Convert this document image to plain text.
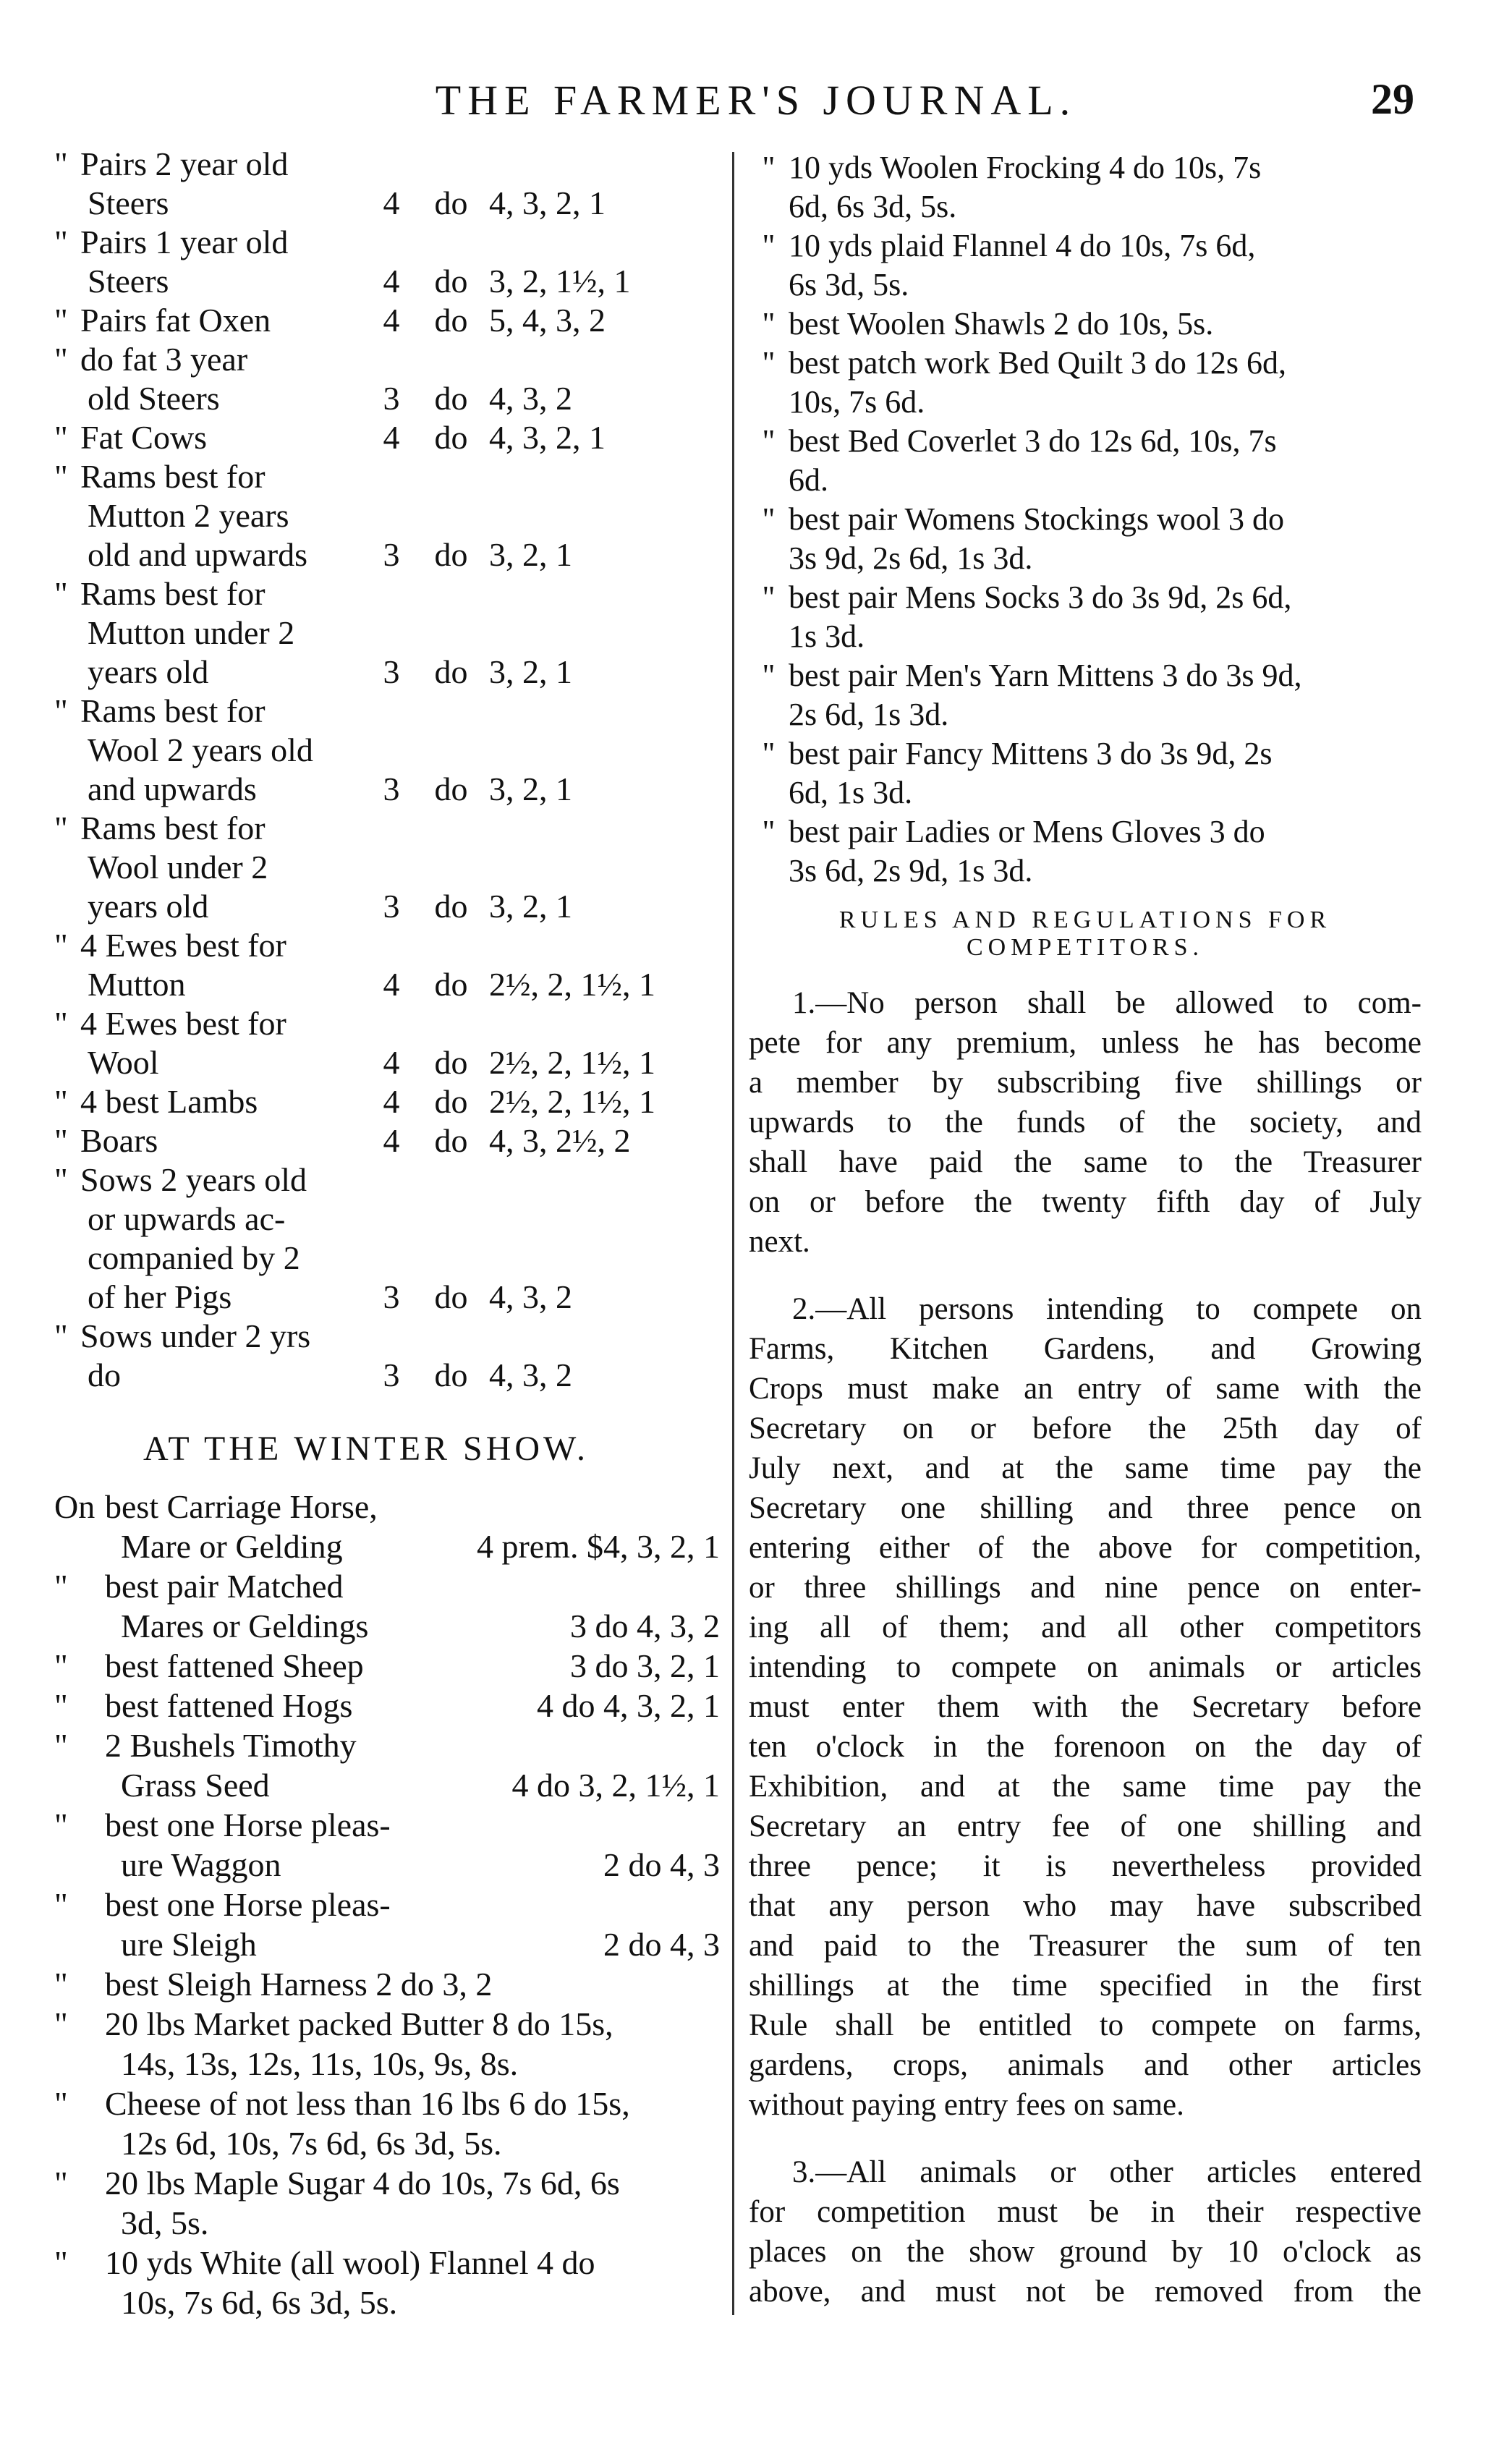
THE FARMER'S JOURNAL.	29
" Pairs 2 year old
Steers	4	do 4, 3, 2, 1
" Pairs 1 year old
Steers	4	do 3, 2, 1½, 1
" Pairs fat Oxen	4	do 5, 4, 3, 2
" do fat 3 year
old Steers	3	do 4, 3, 2
" Fat Cows	4	do 4, 3, 2, 1
" Rams best for
Mutton 2 years
old and upwards	3	do 3, 2, 1
" Rams best for
Mutton under 2
years old	3	do 3, 2, 1
" Rams best for
Wool 2 years old
and upwards	3	do 3, 2, 1
" Rams best for
Wool under 2
years old	3	do 3, 2, 1
" 4 Ewes best for
Mutton	4	do 2½, 2, 1½, 1
" 4 Ewes best for
Wool	4	do 2½, 2, 1½, 1
" 4 best Lambs	4	do 2½, 2, 1½, 1
" Boars	4	do 4, 3, 2½, 2
" Sows 2 years old
or upwards ac-
companied by 2
of her Pigs	3	do 4, 3, 2
" Sows under 2 yrs
do	3	do 4, 3, 2
AT THE WINTER SHOW.
On best Carriage Horse,
Mare or Gelding	4 prem. $4, 3, 2, 1
" best pair Matched
Mares or Geldings	3 do 4, 3, 2
" best fattened Sheep	3 do 3, 2, 1
" best fattened Hogs	4 do 4, 3, 2, 1
" 2 Bushels Timothy
Grass Seed	4 do 3, 2, 1½, 1
" best one Horse pleas-
ure Waggon	2 do 4, 3
" best one Horse pleas-
ure Sleigh	2 do 4, 3
" best Sleigh Harness 2 do 3, 2
" 20 lbs Market packed Butter 8 do 15s,
14s, 13s, 12s, 11s, 10s, 9s, 8s.
" Cheese of not less than 16 lbs 6 do 15s,
12s 6d, 10s, 7s 6d, 6s 3d, 5s.
" 20 lbs Maple Sugar 4 do 10s, 7s 6d, 6s
3d, 5s.
" 10 yds White (all wool) Flannel 4 do
10s, 7s 6d, 6s 3d, 5s.
" 10 yds Woolen Frocking 4 do 10s, 7s
6d, 6s 3d, 5s.
" 10 yds plaid Flannel 4 do 10s, 7s 6d,
6s 3d, 5s.
" best Woolen Shawls 2 do 10s, 5s.
" best patch work Bed Quilt 3 do 12s 6d,
10s, 7s 6d.
" best Bed Coverlet 3 do 12s 6d, 10s, 7s
6d.
" best pair Womens Stockings wool 3 do
3s 9d, 2s 6d, 1s 3d.
" best pair Mens Socks 3 do 3s 9d, 2s 6d,
1s 3d.
" best pair Men's Yarn Mittens 3 do 3s 9d,
2s 6d, 1s 3d.
" best pair Fancy Mittens 3 do 3s 9d, 2s
6d, 1s 3d.
" best pair Ladies or Mens Gloves 3 do
3s 6d, 2s 9d, 1s 3d.
RULES AND REGULATIONS FOR COMPETITORS.
1.—No person shall be allowed to com-
pete for any premium, unless he has become
a member by subscribing five shillings or
upwards to the funds of the society, and
shall have paid the same to the Treasurer
on or before the twenty fifth day of July
next.
2.—All persons intending to compete on
Farms, Kitchen Gardens, and Growing
Crops must make an entry of same with the
Secretary on or before the 25th day of
July next, and at the same time pay the
Secretary one shilling and three pence on
entering either of the above for competition,
or three shillings and nine pence on enter-
ing all of them; and all other competitors
intending to compete on animals or articles
must enter them with the Secretary before
ten o'clock in the forenoon on the day of
Exhibition, and at the same time pay the
Secretary an entry fee of one shilling and
three pence; it is nevertheless provided
that any person who may have subscribed
and paid to the Treasurer the sum of ten
shillings at the time specified in the first
Rule shall be entitled to compete on farms,
gardens, crops, animals and other articles
without paying entry fees on same.
3.—All animals or other articles entered
for competition must be in their respective
places on the show ground by 10 o'clock as
above, and must not be removed from the
